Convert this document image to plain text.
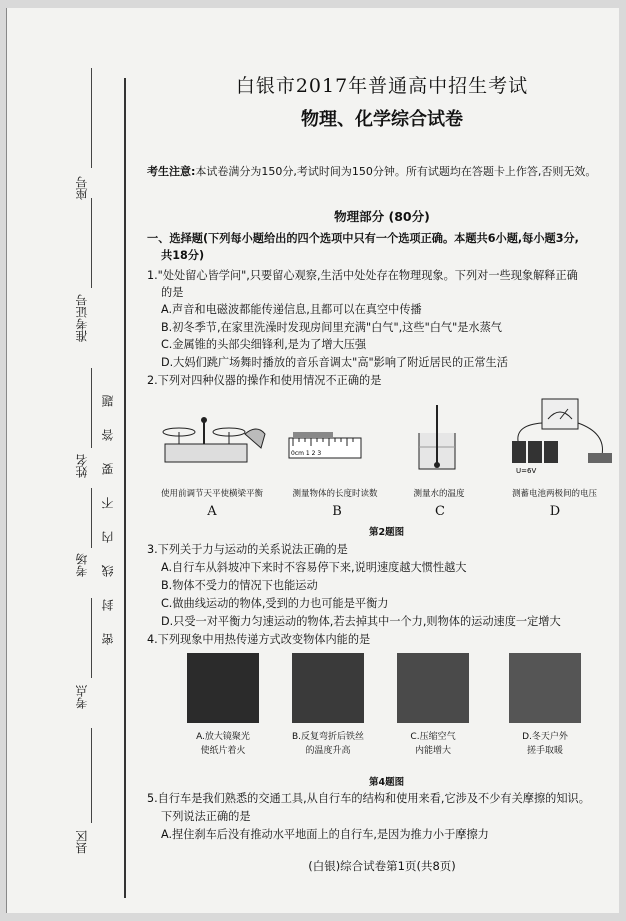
座号
准考证号
姓名
考场
考点
县区
密封线内不要答题
白银市2017年普通高中招生考试
物理、化学综合试卷
考生注意:本试卷满分为150分,考试时间为150分钟。所有试题均在答题卡上作答,否则无效。
物理部分 (80分)
一、选择题(下列每小题给出的四个选项中只有一个选项正确。本题共6小题,每小题3分,
共18分)
1."处处留心皆学问",只要留心观察,生活中处处存在物理现象。下列对一些现象解释正确
的是
A.声音和电磁波都能传递信息,且都可以在真空中传播
B.初冬季节,在家里洗澡时发现房间里充满"白气",这些"白气"是水蒸气
C.金属锥的头部尖细锋利,是为了增大压强
D.大妈们跳广场舞时播放的音乐音调太"高"影响了附近居民的正常生活
2.下列对四种仪器的操作和使用情况不正确的是
0cm 1 2 3
U=6V
使用前调节天平使横梁平衡	测量物体的长度时读数	测量水的温度	测蓄电池两极间的电压
A	B	C	D
第2题图
3.下列关于力与运动的关系说法正确的是
A.自行车从斜坡冲下来时不容易停下来,说明速度越大惯性越大
B.物体不受力的情况下也能运动
C.做曲线运动的物体,受到的力也可能是平衡力
D.只受一对平衡力匀速运动的物体,若去掉其中一个力,则物体的运动速度一定增大
4.下列现象中用热传递方式改变物体内能的是
A.放大镜聚光
使纸片着火
B.反复弯折后铁丝
的温度升高
C.压缩空气
内能增大
D.冬天户外
搓手取暖
第4题图
5.自行车是我们熟悉的交通工具,从自行车的结构和使用来看,它涉及不少有关摩擦的知识。
下列说法正确的是
A.捏住刹车后没有推动水平地面上的自行车,是因为推力小于摩擦力
(白银)综合试卷第1页(共8页)
